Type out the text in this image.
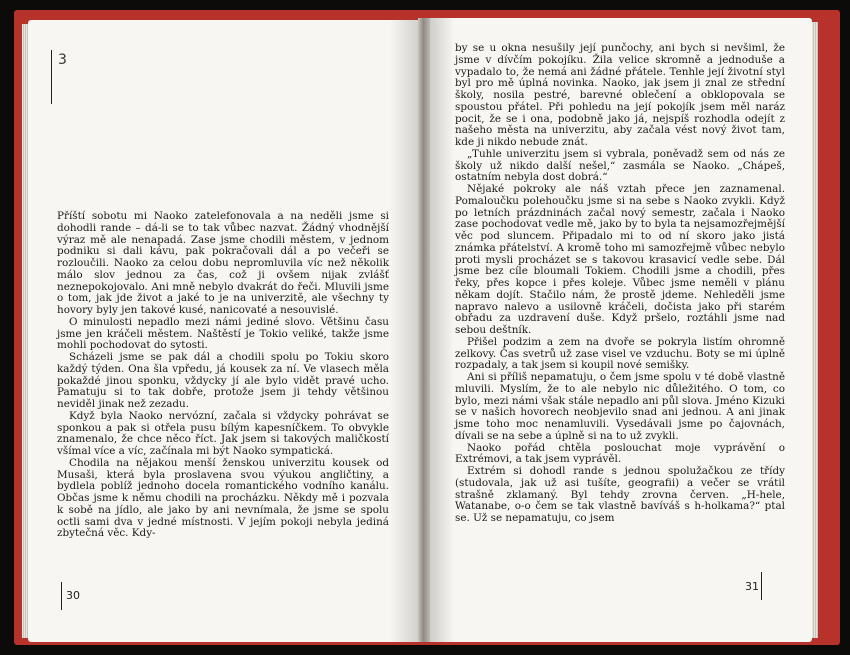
3

Příští sobotu mi Naoko zatelefonovala a na neděli jsme si dohodli rande – dá-li se to tak vůbec nazvat. Žádný vhodnější výraz mě ale nenapadá. Zase jsme chodili městem, v jednom podniku si dali kávu, pak pokračovali dál a po večeři se rozloučili. Naoko za celou dobu nepromluvila víc než několik málo slov jednou za čas, což ji ovšem nijak zvlášť neznepokojovalo. Ani mně nebylo dvakrát do řeči. Mluvili jsme o tom, jak jde život a jaké to je na univerzitě, ale všechny ty hovory byly jen takové kusé, nanicovaté a nesouvislé.

O minulosti nepadlo mezi námi jediné slovo. Většinu času jsme jen kráčeli městem. Naštěstí je Tokio veliké, takže jsme mohli pochodovat do sytosti.

Scházeli jsme se pak dál a chodili spolu po Tokiu skoro každý týden. Ona šla vpředu, já kousek za ní. Ve vlasech měla pokaždé jinou sponku, vždycky jí ale bylo vidět pravé ucho. Pamatuju si to tak dobře, protože jsem ji tehdy většinou neviděl jinak než zezadu.

Když byla Naoko nervózní, začala si vždycky pohrávat se sponkou a pak si otřela pusu bílým kapesníčkem. To obvykle znamenalo, že chce něco říct. Jak jsem si takových maličkostí všímal více a víc, začínala mi být Naoko sympatická.

Chodila na nějakou menší ženskou univerzitu kousek od Musaši, která byla proslavena svou výukou angličtiny, a bydlela poblíž jednoho docela romantického vodního kanálu. Občas jsme k němu chodili na procházku. Někdy mě i pozvala k sobě na jídlo, ale jako by ani nevnímala, že jsme se spolu octli sami dva v jedné místnosti. V jejím pokoji nebyla jediná zbytečná věc. Kdy-

30

by se u okna nesušily její punčochy, ani bych si nevšiml, že jsme v dívčím pokojíku. Žila velice skromně a jednoduše a vypadalo to, že nemá ani žádné přátele. Tenhle její životní styl byl pro mě úplná novinka. Naoko, jak jsem ji znal ze střední školy, nosila pestré, barevné oblečení a obklopovala se spoustou přátel. Při pohledu na její pokojík jsem měl naráz pocit, že se i ona, podobně jako já, nejspíš rozhodla odejít z našeho města na univerzitu, aby začala vést nový život tam, kde ji nikdo nebude znát.

„Tuhle univerzitu jsem si vybrala, poněvadž sem od nás ze školy už nikdo další nešel,“ zasmála se Naoko. „Chápeš, ostatním nebyla dost dobrá.“

Nějaké pokroky ale náš vztah přece jen zaznamenal. Pomaloučku polehoučku jsme si na sebe s Naoko zvykli. Když po letních prázdninách začal nový semestr, začala i Naoko zase pochodovat vedle mě, jako by to byla ta nejsamozřejmější věc pod sluncem. Připadalo mi to od ní skoro jako jistá známka přátelství. A kromě toho mi samozřejmě vůbec nebylo proti mysli procházet se s takovou krasavicí vedle sebe. Dál jsme bez cíle bloumali Tokiem. Chodili jsme a chodili, přes řeky, přes kopce i přes koleje. Vůbec jsme neměli v plánu někam dojít. Stačilo nám, že prostě jdeme. Nehleděli jsme napravo nalevo a usilovně kráčeli, dočista jako při starém obřadu za uzdravení duše. Když pršelo, roztáhli jsme nad sebou deštník.

Přišel podzim a zem na dvoře se pokryla listím ohromně zelkovy. Čas svetrů už zase visel ve vzduchu. Boty se mi úplně rozpadaly, a tak jsem si koupil nové semišky.

Ani si příliš nepamatuju, o čem jsme spolu v té době vlastně mluvili. Myslím, že to ale nebylo nic důležitého. O tom, co bylo, mezi námi však stále nepadlo ani půl slova. Jméno Kizuki se v našich hovorech neobjevilo snad ani jednou. A ani jinak jsme toho moc nenamluvili. Vysedávali jsme po čajovnách, dívali se na sebe a úplně si na to už zvykli.

Naoko pořád chtěla poslouchat moje vyprávění o Extrémovi, a tak jsem vyprávěl.

Extrém si dohodl rande s jednou spolužačkou ze třídy (studovala, jak už asi tušíte, geografii) a večer se vrátil strašně zklamaný. Byl tehdy zrovna červen. „H-hele, Watanabe, o-o čem se tak vlastně bavíváš s h-holkama?“ ptal se. Už se nepamatuju, co jsem

31
